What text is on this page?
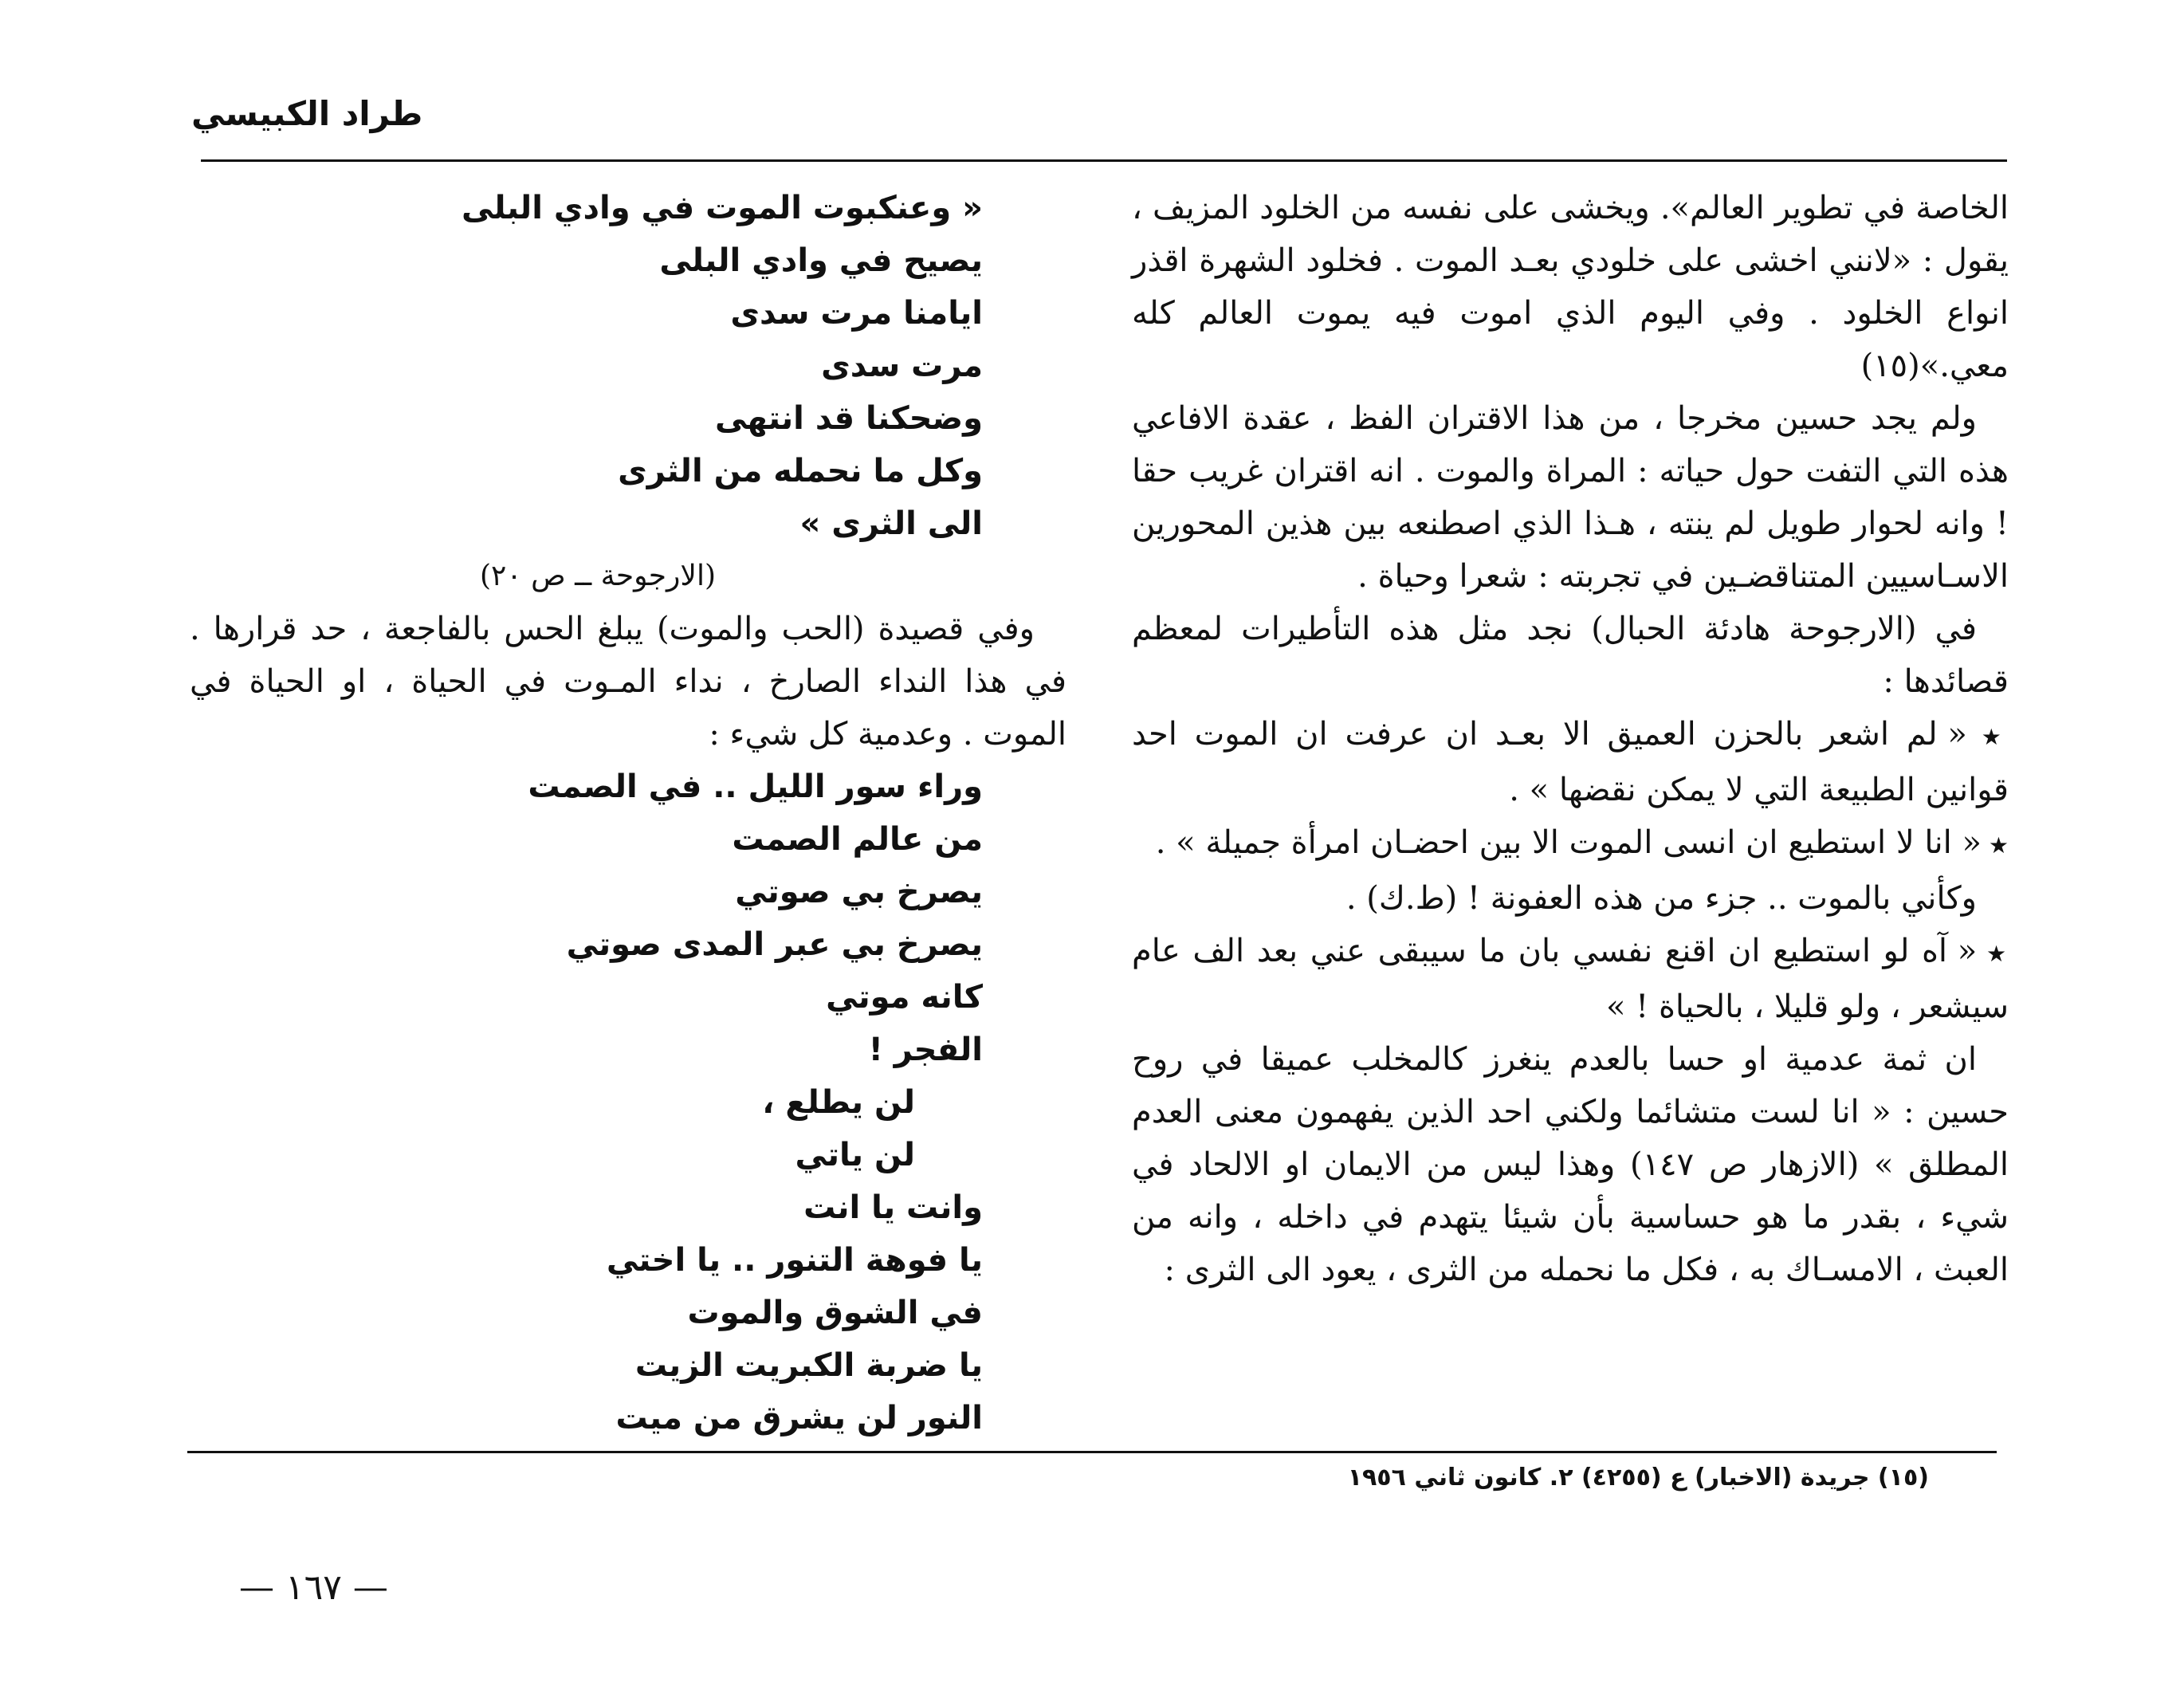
طراد الكبيسي

الخاصة في تطوير العالم». ويخشى على نفسه من الخلود المزيف ، يقول : «لانني اخشى على خلودي بعـد الموت . فخلود الشهرة اقذر انواع الخلود . وفي اليوم الذي اموت فيه يموت العالم كله معي.»(١٥)

ولم يجد حسين مخرجا ، من هذا الاقتران الفظ ، عقدة الافاعي هذه التي التفت حول حياته : المراة والموت . انه اقتران غريب حقا ! وانه لحوار طويل لم ينته ، هـذا الذي اصطنعه بين هذين المحورين الاسـاسيين المتناقضـين في تجربته : شعرا وحياة .

في (الارجوحة هادئة الحبال) نجد مثل هذه التأطيرات لمعظم قصائدها :

★ « لم اشعر بالحزن العميق الا بعـد ان عرفت ان الموت احد قوانين الطبيعة التي لا يمكن نقضها » .

★ « انا لا استطيع ان انسى الموت الا بين احضـان امرأة جميلة » .

وكأني بالموت .. جزء من هذه العفونة ! (ط.ك) .

★ « آه لو استطيع ان اقنع نفسي بان ما سيبقى عني بعد الف عام سيشعر ، ولو قليلا ، بالحياة ! »

ان ثمة عدمية او حسا بالعدم ينغرز كالمخلب عميقا في روح حسين : « انا لست متشائما ولكني احد الذين يفهمون معنى العدم المطلق » (الازهار ص ١٤٧) وهذا ليس من الايمان او الالحاد في شيء ، بقدر ما هو حساسية بأن شيئا يتهدم في داخله ، وانه من العبث ، الامسـاك به ، فكل ما نحمله من الثرى ، يعود الى الثرى :

« وعنكبوت الموت في وادي البلى

يصيح في وادي البلى

ايامنا مرت سدى

مرت سدى

وضحكنا قد انتهى

وكل ما نحمله من الثرى

الى الثرى »

(الارجوحة ــ ص ٢٠)

وفي قصيدة (الحب والموت) يبلغ الحس بالفاجعة ، حد قرارها . في هذا النداء الصارخ ، نداء المـوت في الحياة ، او الحياة في الموت . وعدمية كل شيء :

وراء سور الليل .. في الصمت

من عالم الصمت

يصرخ بي صوتي

يصرخ بي عبر المدى صوتي

كانه موتي

الفجر !

لن يطلع ،

لن ياتي

وانت يا انت

يا فوهة التنور .. يا اختي

في الشوق والموت

يا ضربة الكبريت الزيت

النور لن يشرق من ميت

(١٥) جريدة (الاخبار) ع (٤٢٥٥) ٢. كانون ثاني ١٩٥٦
— ١٦٧ —
